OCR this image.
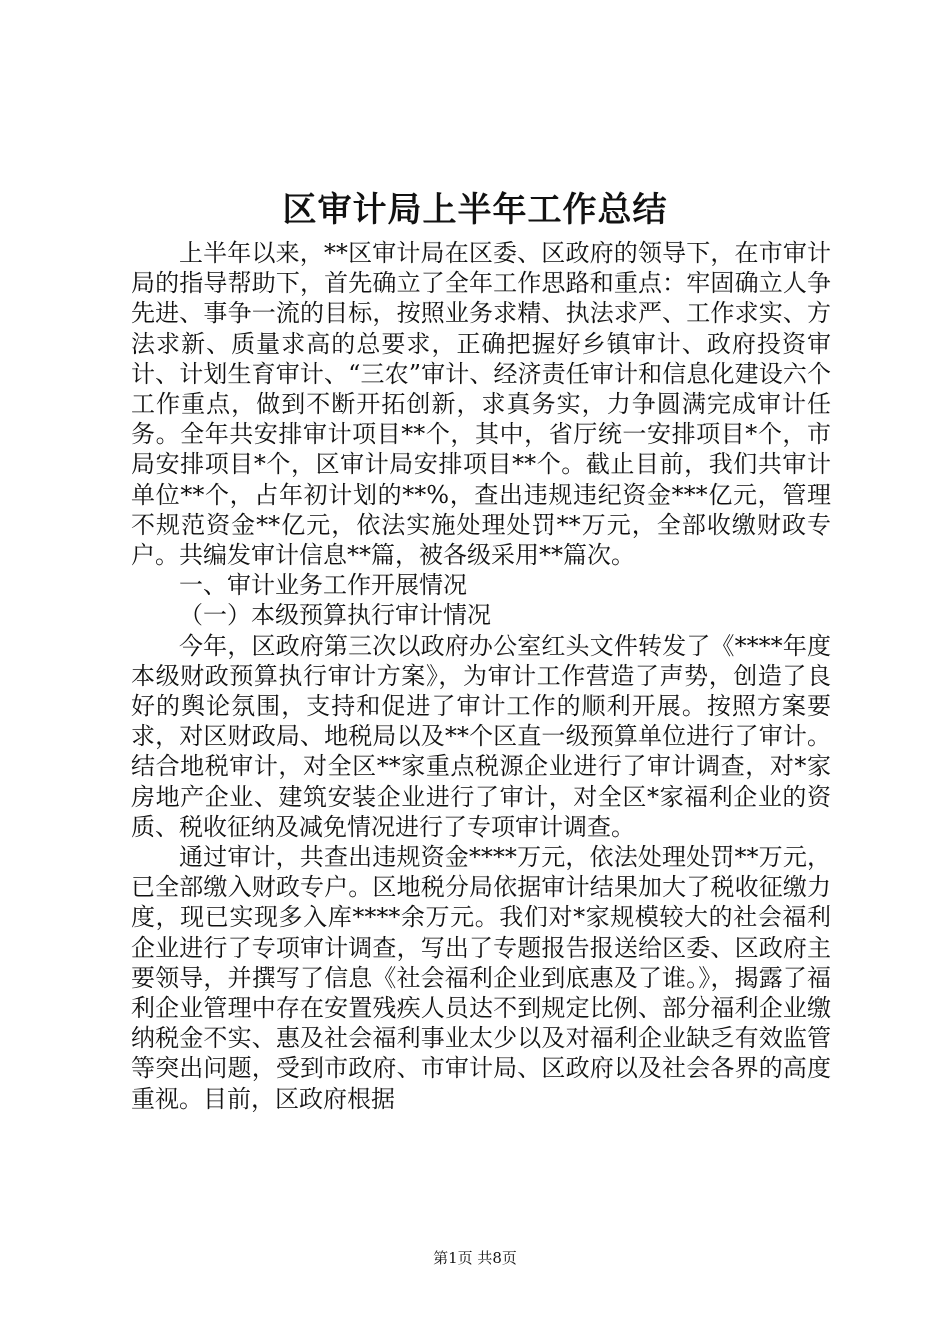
区审计局上半年工作总结

上半年以来，**区审计局在区委、区政府的领导下，在市审计局的指导帮助下，首先确立了全年工作思路和重点：牢固确立人争先进、事争一流的目标，按照业务求精、执法求严、工作求实、方法求新、质量求高的总要求，正确把握好乡镇审计、政府投资审计、计划生育审计、“三农”审计、经济责任审计和信息化建设六个工作重点，做到不断开拓创新，求真务实，力争圆满完成审计任务。全年共安排审计项目**个，其中，省厅统一安排项目*个，市局安排项目*个，区审计局安排项目**个。截止目前，我们共审计单位**个，占年初计划的**%，查出违规违纪资金***亿元，管理不规范资金**亿元，依法实施处理处罚**万元，全部收缴财政专户。共编发审计信息**篇，被各级采用**篇次。

一、审计业务工作开展情况

（一）本级预算执行审计情况

今年，区政府第三次以政府办公室红头文件转发了《****年度本级财政预算执行审计方案》，为审计工作营造了声势，创造了良好的舆论氛围，支持和促进了审计工作的顺利开展。按照方案要求，对区财政局、地税局以及**个区直一级预算单位进行了审计。结合地税审计，对全区**家重点税源企业进行了审计调查，对*家房地产企业、建筑安装企业进行了审计，对全区*家福利企业的资质、税收征纳及减免情况进行了专项审计调查。

通过审计，共查出违规资金****万元，依法处理处罚**万元，已全部缴入财政专户。区地税分局依据审计结果加大了税收征缴力度，现已实现多入库****余万元。我们对*家规模较大的社会福利企业进行了专项审计调查，写出了专题报告报送给区委、区政府主要领导，并撰写了信息《社会福利企业到底惠及了谁。》，揭露了福利企业管理中存在安置残疾人员达不到规定比例、部分福利企业缴纳税金不实、惠及社会福利事业太少以及对福利企业缺乏有效监管等突出问题，受到市政府、市审计局、区政府以及社会各界的高度重视。目前，区政府根据

第1页 共8页
